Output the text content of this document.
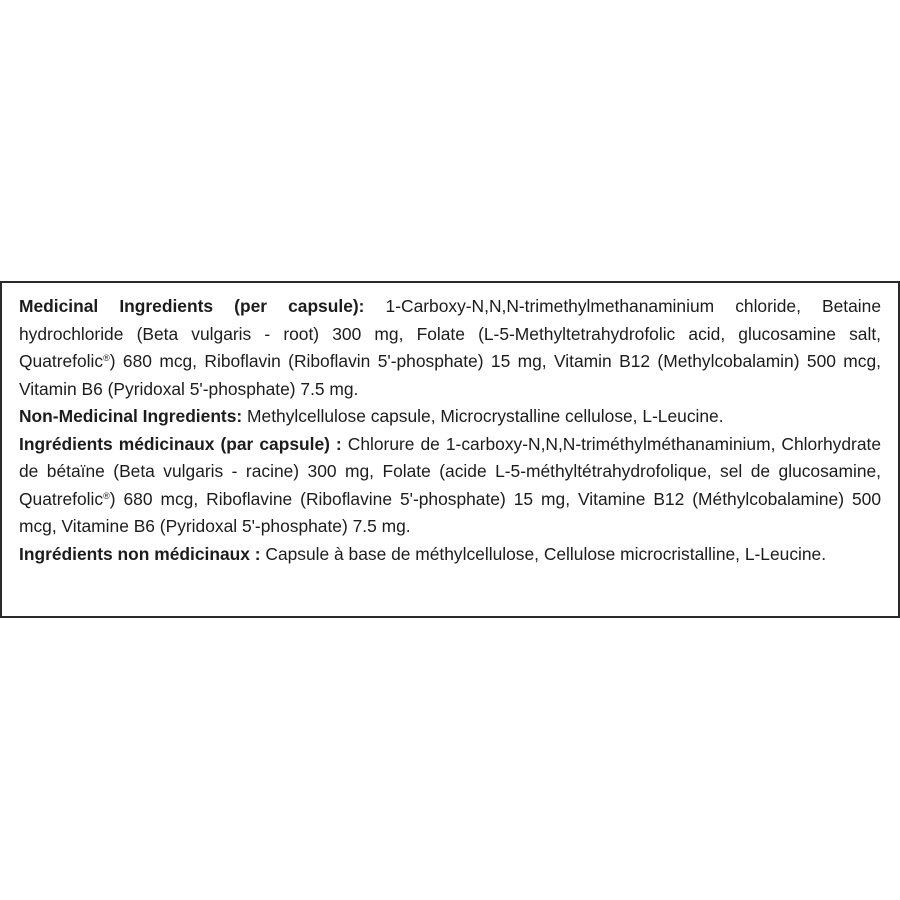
Medicinal Ingredients (per capsule): 1-Carboxy-N,N,N-trimethylmethanaminium chloride, Betaine hydrochloride (Beta vulgaris - root) 300 mg, Folate (L-5-Methyltetrahydrofolic acid, glucosamine salt, Quatrefolic®) 680 mcg, Riboflavin (Riboflavin 5'-phosphate) 15 mg, Vitamin B12 (Methylcobalamin) 500 mcg, Vitamin B6 (Pyridoxal 5'-phosphate) 7.5 mg.

Non-Medicinal Ingredients: Methylcellulose capsule, Microcrystalline cellulose, L-Leucine.

Ingrédients médicinaux (par capsule) : Chlorure de 1-carboxy-N,N,N-triméthylméthanaminium, Chlorhydrate de bétaïne (Beta vulgaris - racine) 300 mg, Folate (acide L-5-méthyltétrahydrofolique, sel de glucosamine, Quatrefolic®) 680 mcg, Riboflavine (Riboflavine 5'-phosphate) 15 mg, Vitamine B12 (Méthylcobalamine) 500 mcg, Vitamine B6 (Pyridoxal 5'-phosphate) 7.5 mg.

Ingrédients non médicinaux : Capsule à base de méthylcellulose, Cellulose microcristalline, L-Leucine.
